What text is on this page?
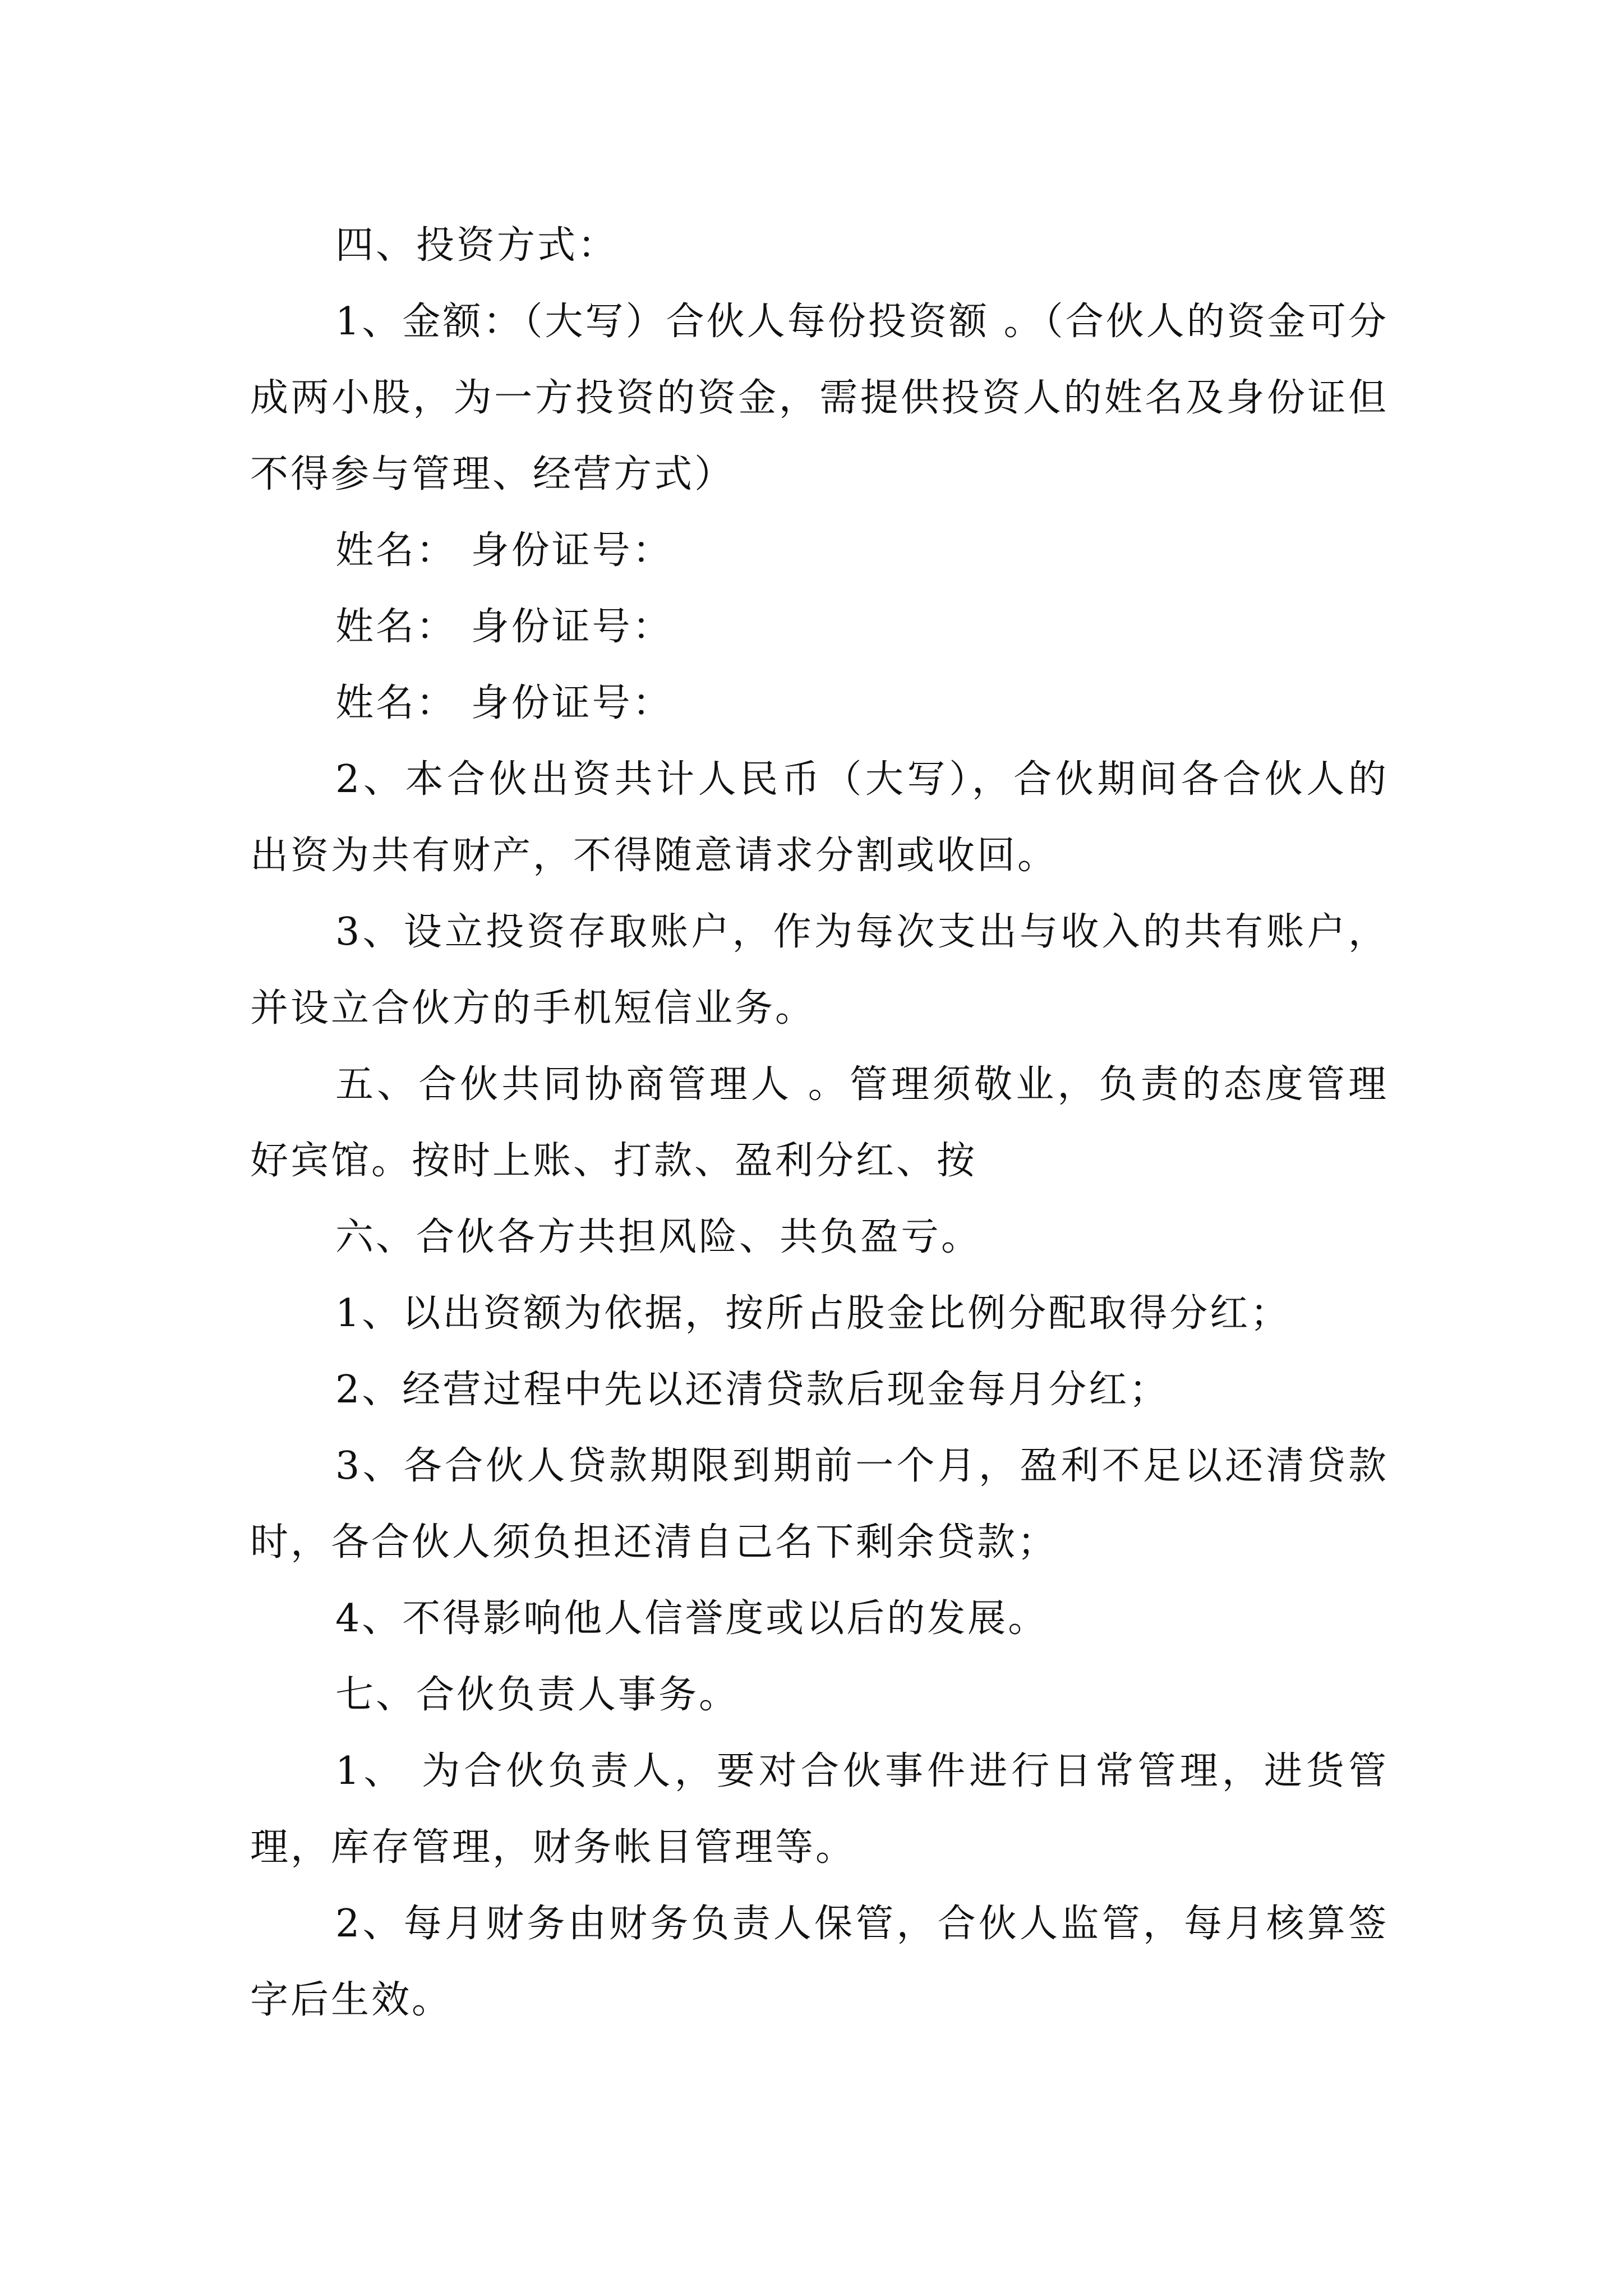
四、投资方式：

1、金额：（大写）合伙人每份投资额 。（合伙人的资金可分成两小股，为一方投资的资金，需提供投资人的姓名及身份证但不得参与管理、经营方式）

姓名： 身份证号：

姓名： 身份证号：

姓名： 身份证号：

2、本合伙出资共计人民币（大写），合伙期间各合伙人的出资为共有财产，不得随意请求分割或收回。

3、设立投资存取账户，作为每次支出与收入的共有账户，并设立合伙方的手机短信业务。

五、合伙共同协商管理人 。管理须敬业，负责的态度管理好宾馆。按时上账、打款、盈利分红、按

六、合伙各方共担风险、共负盈亏。

1、以出资额为依据，按所占股金比例分配取得分红；

2、经营过程中先以还清贷款后现金每月分红；

3、各合伙人贷款期限到期前一个月，盈利不足以还清贷款时，各合伙人须负担还清自己名下剩余贷款；

4、不得影响他人信誉度或以后的发展。

七、合伙负责人事务。

1、 为合伙负责人，要对合伙事件进行日常管理，进货管理，库存管理，财务帐目管理等。

2、每月财务由财务负责人保管，合伙人监管，每月核算签字后生效。
